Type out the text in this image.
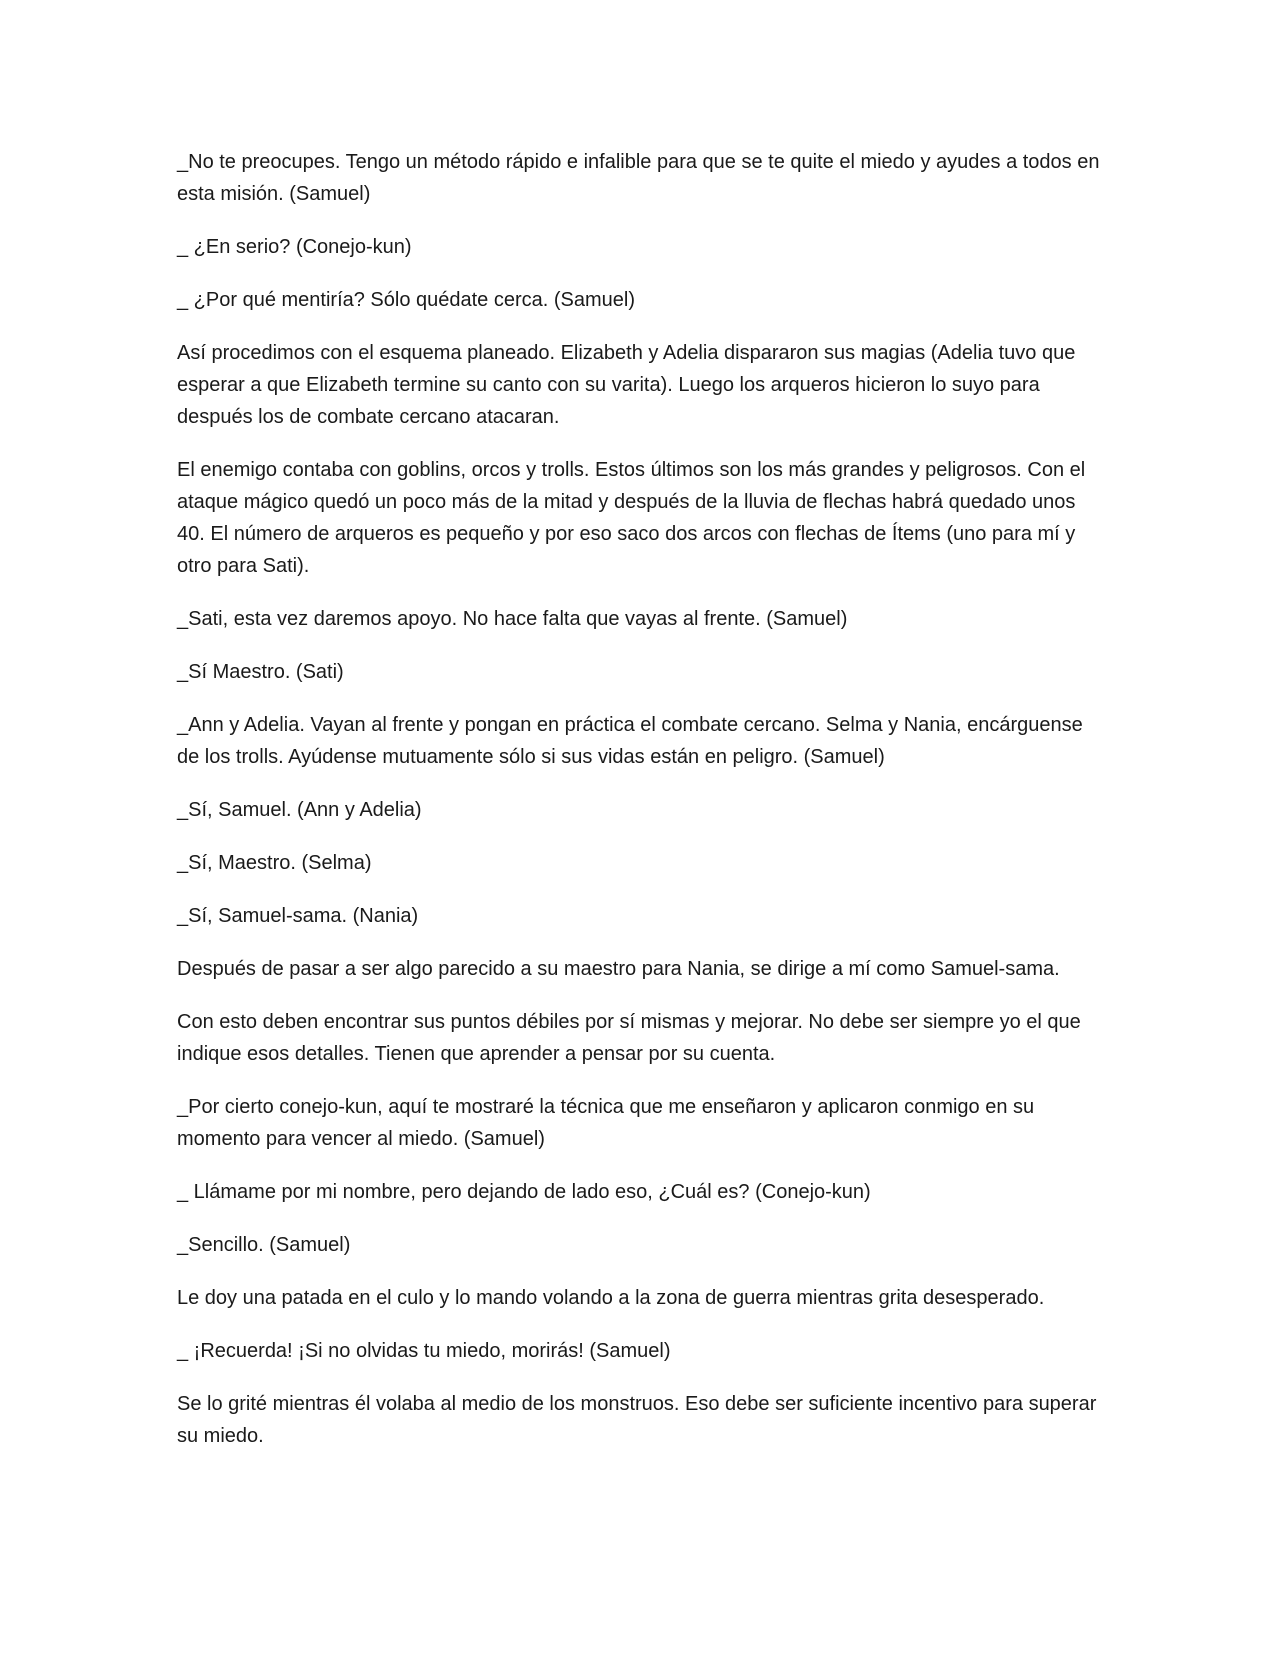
_No te preocupes. Tengo un método rápido e infalible para que se te quite el miedo y ayudes a todos en esta misión. (Samuel)

_ ¿En serio? (Conejo-kun)

_ ¿Por qué mentiría? Sólo quédate cerca. (Samuel)

Así procedimos con el esquema planeado. Elizabeth y Adelia dispararon sus magias (Adelia tuvo que esperar a que Elizabeth termine su canto con su varita). Luego los arqueros hicieron lo suyo para después los de combate cercano atacaran.

El enemigo contaba con goblins, orcos y trolls. Estos últimos son los más grandes y peligrosos. Con el ataque mágico quedó un poco más de la mitad y después de la lluvia de flechas habrá quedado unos 40. El número de arqueros es pequeño y por eso saco dos arcos con flechas de Ítems (uno para mí y otro para Sati).

_Sati, esta vez daremos apoyo. No hace falta que vayas al frente. (Samuel)

_Sí Maestro. (Sati)

_Ann y Adelia. Vayan al frente y pongan en práctica el combate cercano. Selma y Nania, encárguense de los trolls. Ayúdense mutuamente sólo si sus vidas están en peligro. (Samuel)

_Sí, Samuel. (Ann y Adelia)

_Sí, Maestro. (Selma)

_Sí, Samuel-sama. (Nania)

Después de pasar a ser algo parecido a su maestro para Nania, se dirige a mí como Samuel-sama.

Con esto deben encontrar sus puntos débiles por sí mismas y mejorar. No debe ser siempre yo el que indique esos detalles. Tienen que aprender a pensar por su cuenta.

_Por cierto conejo-kun, aquí te mostraré la técnica que me enseñaron y aplicaron conmigo en su momento para vencer al miedo. (Samuel)

_ Llámame por mi nombre, pero dejando de lado eso, ¿Cuál es? (Conejo-kun)

_Sencillo. (Samuel)

Le doy una patada en el culo y lo mando volando a la zona de guerra mientras grita desesperado.

_ ¡Recuerda! ¡Si no olvidas tu miedo, morirás! (Samuel)

Se lo grité mientras él volaba al medio de los monstruos. Eso debe ser suficiente incentivo para superar su miedo.
